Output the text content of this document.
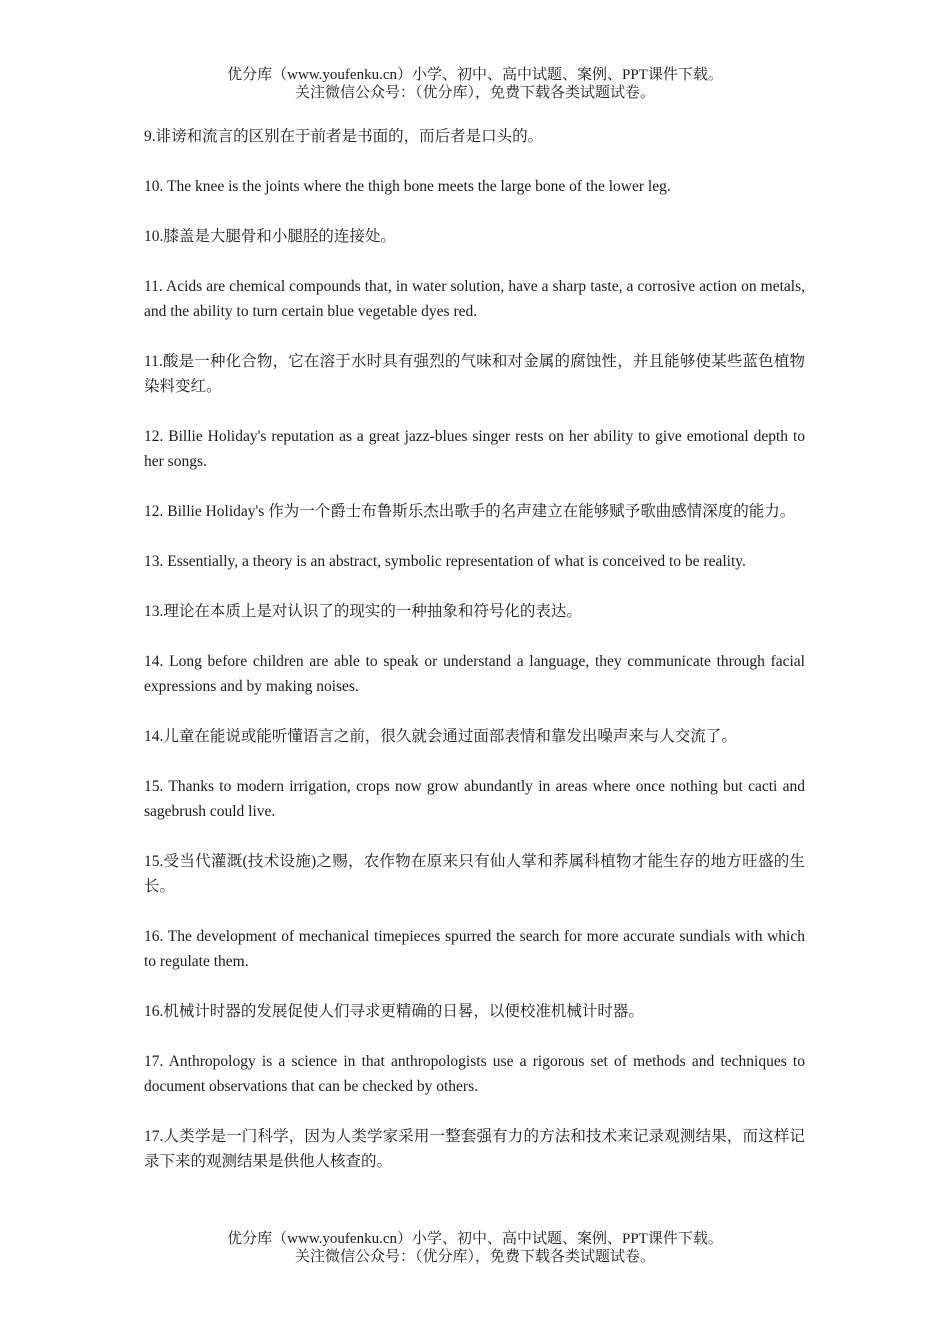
优分库（www.youfenku.cn）小学、初中、高中试题、案例、PPT课件下载。
关注微信公众号：（优分库），免费下载各类试题试卷。

9.诽谤和流言的区别在于前者是书面的，而后者是口头的。

10. The knee is the joints where the thigh bone meets the large bone of the lower leg.

10.膝盖是大腿骨和小腿胫的连接处。

11. Acids are chemical compounds that, in water solution, have a sharp taste, a corrosive action on metals, and the ability to turn certain blue vegetable dyes red.

11.酸是一种化合物，它在溶于水时具有强烈的气味和对金属的腐蚀性，并且能够使某些蓝色植物染料变红。

12. Billie Holiday's reputation as a great jazz-blues singer rests on her ability to give emotional depth to her songs.

12. Billie Holiday's 作为一个爵士布鲁斯乐杰出歌手的名声建立在能够赋予歌曲感情深度的能力。

13. Essentially, a theory is an abstract, symbolic representation of what is conceived to be reality.

13.理论在本质上是对认识了的现实的一种抽象和符号化的表达。

14. Long before children are able to speak or understand a language, they communicate through facial expressions and by making noises.

14.儿童在能说或能听懂语言之前，很久就会通过面部表情和靠发出噪声来与人交流了。

15. Thanks to modern irrigation, crops now grow abundantly in areas where once nothing but cacti and sagebrush could live.

15.受当代灌溉(技术设施)之赐，农作物在原来只有仙人掌和荞属科植物才能生存的地方旺盛的生长。

16. The development of mechanical timepieces spurred the search for more accurate sundials with which to regulate them.

16.机械计时器的发展促使人们寻求更精确的日晷，以便校准机械计时器。

17. Anthropology is a science in that anthropologists use a rigorous set of methods and techniques to document observations that can be checked by others.

17.人类学是一门科学，因为人类学家采用一整套强有力的方法和技术来记录观测结果，而这样记录下来的观测结果是供他人核查的。

优分库（www.youfenku.cn）小学、初中、高中试题、案例、PPT课件下载。
关注微信公众号：（优分库），免费下载各类试题试卷。
